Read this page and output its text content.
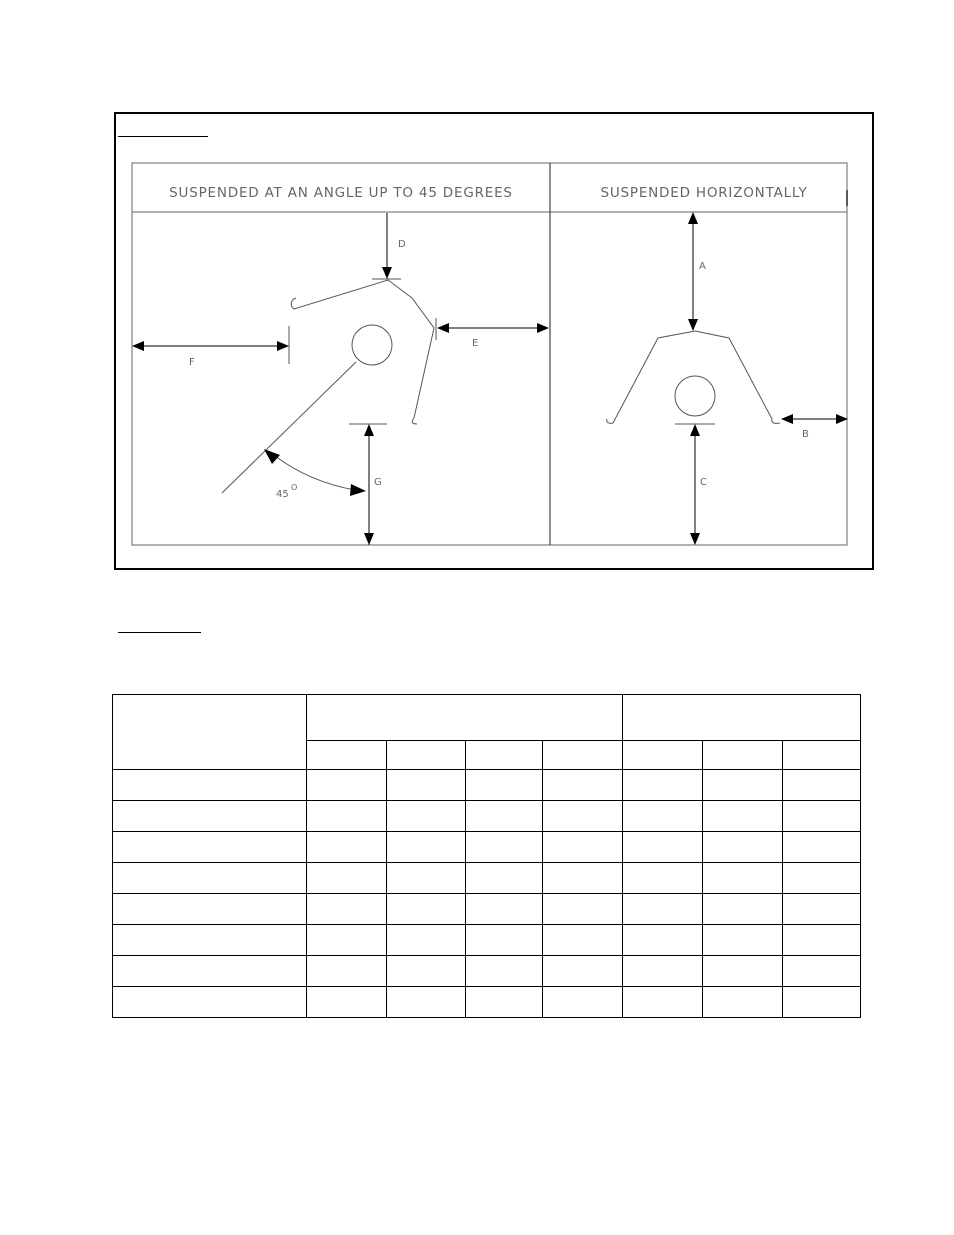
SUSPENDED AT AN ANGLE UP TO 45 DEGREES	SUSPENDED HORIZONTALLY
D
E
F
G
45
O
A
B
C
